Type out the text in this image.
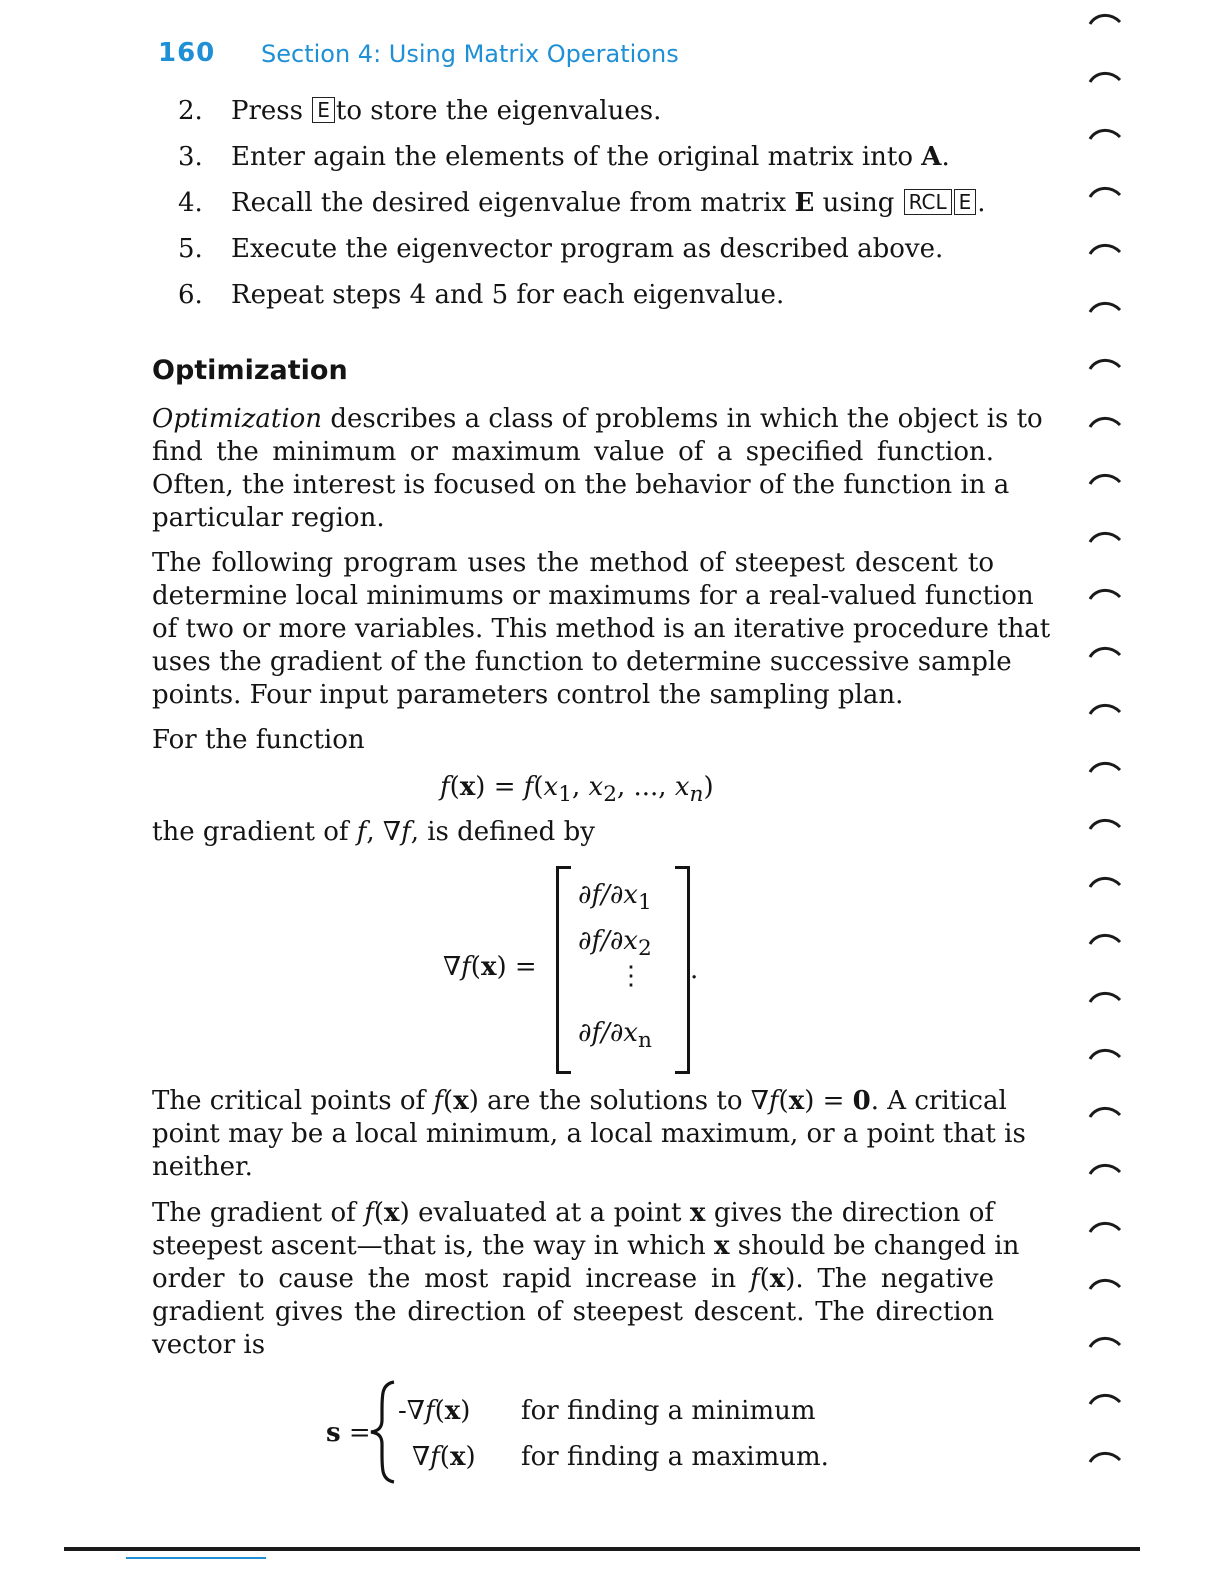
160 Section 4: Using Matrix Operations
2. Press E to store the eigenvalues.
3. Enter again the elements of the original matrix into A.
4. Recall the desired eigenvalue from matrix E using RCL E .
5. Execute the eigenvector program as described above.
6. Repeat steps 4 and 5 for each eigenvalue.
Optimization
Optimization describes a class of problems in which the object is to
find the minimum or maximum value of a specified function.
Often, the interest is focused on the behavior of the function in a
particular region.
The following program uses the method of steepest descent to
determine local minimums or maximums for a real-valued function
of two or more variables. This method is an iterative procedure that
uses the gradient of the function to determine successive sample
points. Four input parameters control the sampling plan.
For the function
$f(x) = f(x_1$, $x_2$, ..., $x_n$)
the gradient of f, ∇f, is defined by
∇f(x) =
$\partial f/\partial x_1$
$\partial f/\partial x_2$
⋮
$\partial f/\partial x_n$
.
The critical points of f(x) are the solutions to ∇f(x) = 0. A critical
point may be a local minimum, a local maximum, or a point that is
neither.
The gradient of f(x) evaluated at a point x gives the direction of
steepest ascent—that is, the way in which x should be changed in
order to cause the most rapid increase in f(x). The negative
gradient gives the direction of steepest descent. The direction
vector is
s =
-∇f(x)	for finding a minimum
∇f(x)	for finding a maximum.
